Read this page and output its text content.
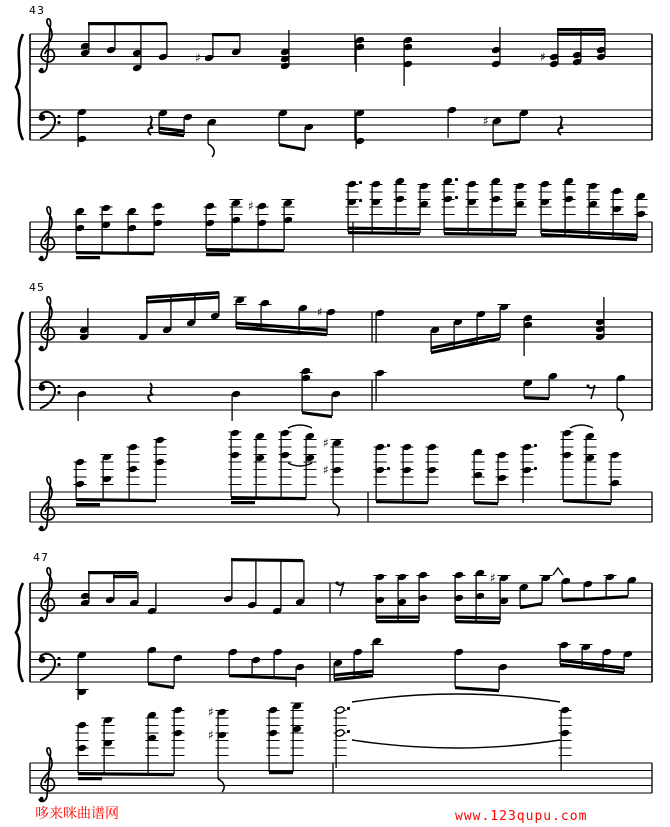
♯	♯
♯
♯
♯
♯
♯
♯
♯
♯
43
45
47
哆来咪曲谱网	www.123qupu.com
